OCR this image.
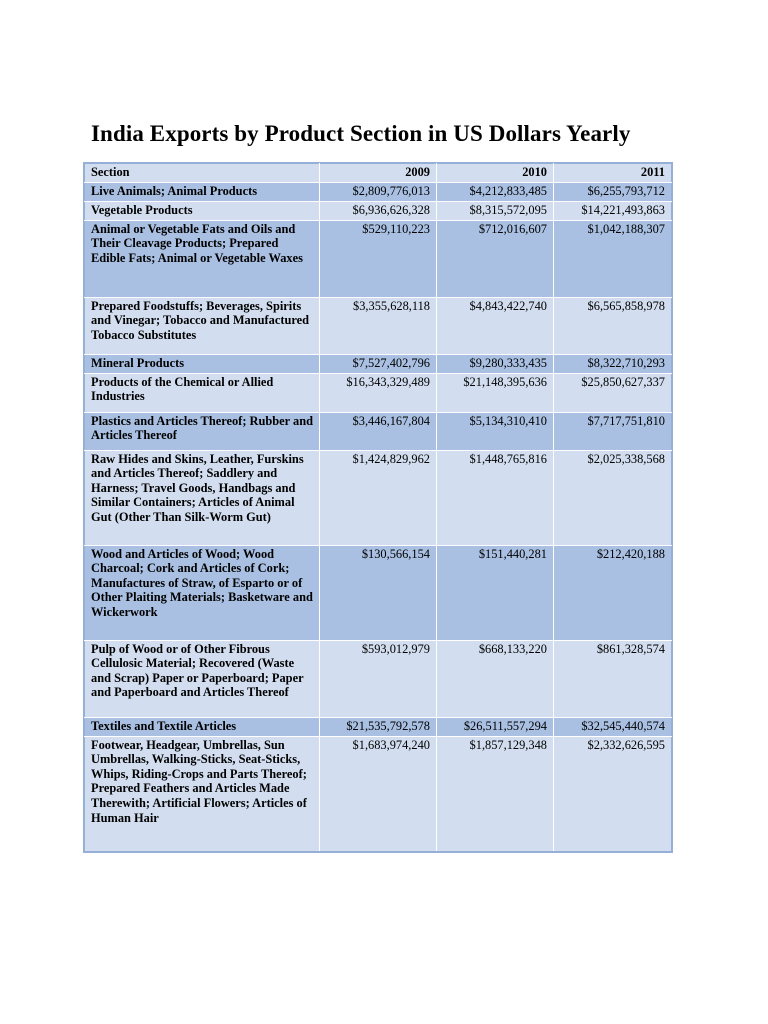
India Exports by Product Section in US Dollars Yearly
Section	2009	2010	2011
Live Animals; Animal Products	$2,809,776,013	$4,212,833,485	$6,255,793,712
Vegetable Products	$6,936,626,328	$8,315,572,095	$14,221,493,863
Animal or Vegetable Fats and Oils and Their Cleavage Products; Prepared Edible Fats; Animal or Vegetable Waxes	$529,110,223	$712,016,607	$1,042,188,307
Prepared Foodstuffs; Beverages, Spirits and Vinegar; Tobacco and Manufactured Tobacco Substitutes	$3,355,628,118	$4,843,422,740	$6,565,858,978
Mineral Products	$7,527,402,796	$9,280,333,435	$8,322,710,293
Products of the Chemical or Allied Industries	$16,343,329,489	$21,148,395,636	$25,850,627,337
Plastics and Articles Thereof; Rubber and Articles Thereof	$3,446,167,804	$5,134,310,410	$7,717,751,810
Raw Hides and Skins, Leather, Furskins and Articles Thereof; Saddlery and Harness; Travel Goods, Handbags and Similar Containers; Articles of Animal Gut (Other Than Silk-Worm Gut)	$1,424,829,962	$1,448,765,816	$2,025,338,568
Wood and Articles of Wood; Wood Charcoal; Cork and Articles of Cork; Manufactures of Straw, of Esparto or of Other Plaiting Materials; Basketware and Wickerwork	$130,566,154	$151,440,281	$212,420,188
Pulp of Wood or of Other Fibrous Cellulosic Material; Recovered (Waste and Scrap) Paper or Paperboard; Paper and Paperboard and Articles Thereof	$593,012,979	$668,133,220	$861,328,574
Textiles and Textile Articles	$21,535,792,578	$26,511,557,294	$32,545,440,574
Footwear, Headgear, Umbrellas, Sun Umbrellas, Walking-Sticks, Seat-Sticks, Whips, Riding-Crops and Parts Thereof; Prepared Feathers and Articles Made Therewith; Artificial Flowers; Articles of Human Hair	$1,683,974,240	$1,857,129,348	$2,332,626,595
